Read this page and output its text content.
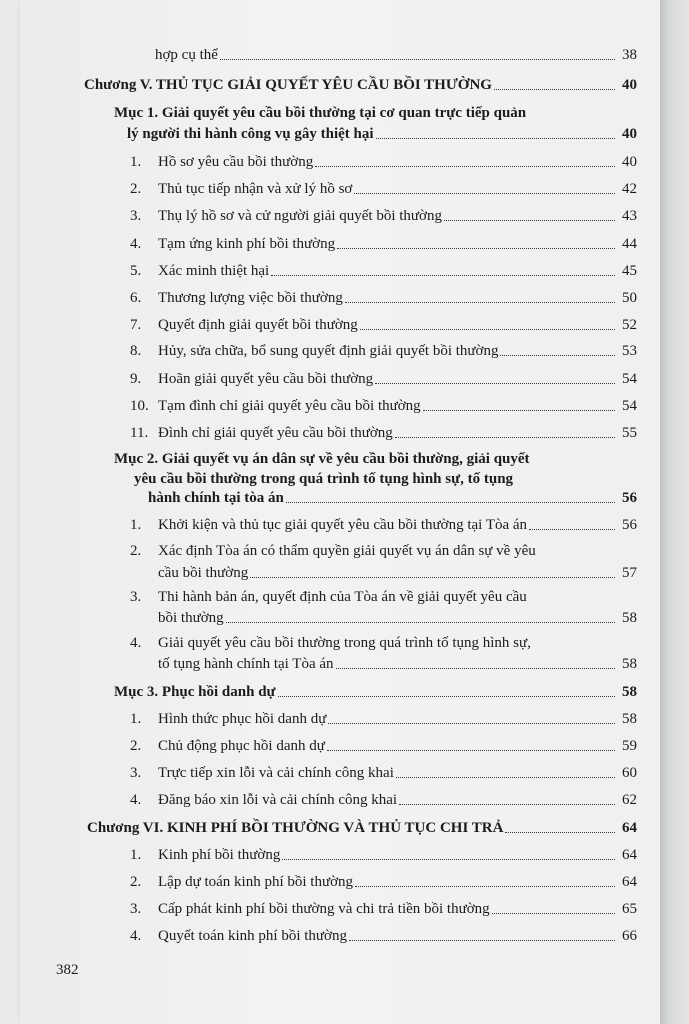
hợp cụ thể	38
Chương V. THỦ TỤC GIẢI QUYẾT YÊU CẦU BỒI THƯỜNG	40
Mục 1. Giải quyết yêu cầu bồi thường tại cơ quan trực tiếp quản
lý người thi hành công vụ gây thiệt hại	40
1.	Hồ sơ yêu cầu bồi thường	40
2.	Thủ tục tiếp nhận và xử lý hồ sơ	42
3.	Thụ lý hồ sơ và cử người giải quyết bồi thường	43
4.	Tạm ứng kinh phí bồi thường	44
5.	Xác minh thiệt hại	45
6.	Thương lượng việc bồi thường	50
7.	Quyết định giải quyết bồi thường	52
8.	Hủy, sửa chữa, bổ sung quyết định giải quyết bồi thường	53
9.	Hoãn giải quyết yêu cầu bồi thường	54
10. Tạm đình chỉ giải quyết yêu cầu bồi thường	54
11. Đình chỉ giải quyết yêu cầu bồi thường	55
Mục 2. Giải quyết vụ án dân sự về yêu cầu bồi thường, giải quyết
yêu cầu bồi thường trong quá trình tố tụng hình sự, tố tụng
hành chính tại tòa án	56
1.	Khởi kiện và thủ tục giải quyết yêu cầu bồi thường tại Tòa án	56
2.	Xác định Tòa án có thẩm quyền giải quyết vụ án dân sự về yêu
cầu bồi thường	57
3.	Thi hành bản án, quyết định của Tòa án về giải quyết yêu cầu
bồi thường	58
4.	Giải quyết yêu cầu bồi thường trong quá trình tố tụng hình sự,
tố tụng hành chính tại Tòa án	58
Mục 3. Phục hồi danh dự	58
1.	Hình thức phục hồi danh dự	58
2.	Chủ động phục hồi danh dự	59
3.	Trực tiếp xin lỗi và cải chính công khai	60
4.	Đăng báo xin lỗi và cải chính công khai	62
Chương VI. KINH PHÍ BỒI THƯỜNG VÀ THỦ TỤC CHI TRẢ	64
1.	Kinh phí bồi thường	64
2.	Lập dự toán kinh phí bồi thường	64
3.	Cấp phát kinh phí bồi thường và chi trả tiền bồi thường	65
4.	Quyết toán kinh phí bồi thường	66
382
